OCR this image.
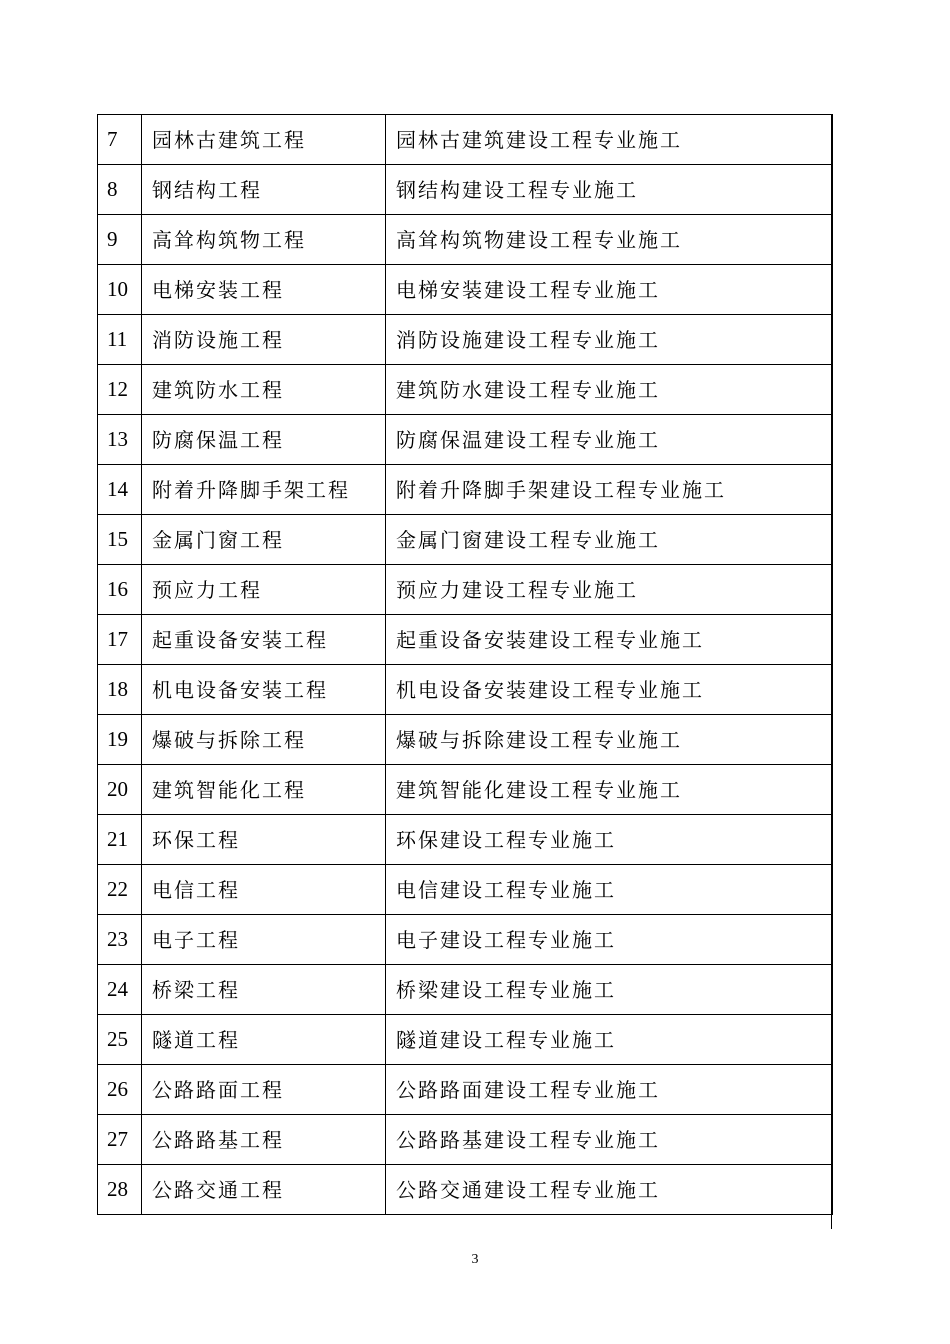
7	园林古建筑工程	园林古建筑建设工程专业施工
8	钢结构工程	钢结构建设工程专业施工
9	高耸构筑物工程	高耸构筑物建设工程专业施工
10	电梯安装工程	电梯安装建设工程专业施工
11	消防设施工程	消防设施建设工程专业施工
12	建筑防水工程	建筑防水建设工程专业施工
13	防腐保温工程	防腐保温建设工程专业施工
14	附着升降脚手架工程	附着升降脚手架建设工程专业施工
15	金属门窗工程	金属门窗建设工程专业施工
16	预应力工程	预应力建设工程专业施工
17	起重设备安装工程	起重设备安装建设工程专业施工
18	机电设备安装工程	机电设备安装建设工程专业施工
19	爆破与拆除工程	爆破与拆除建设工程专业施工
20	建筑智能化工程	建筑智能化建设工程专业施工
21	环保工程	环保建设工程专业施工
22	电信工程	电信建设工程专业施工
23	电子工程	电子建设工程专业施工
24	桥梁工程	桥梁建设工程专业施工
25	隧道工程	隧道建设工程专业施工
26	公路路面工程	公路路面建设工程专业施工
27	公路路基工程	公路路基建设工程专业施工
28	公路交通工程	公路交通建设工程专业施工
3
